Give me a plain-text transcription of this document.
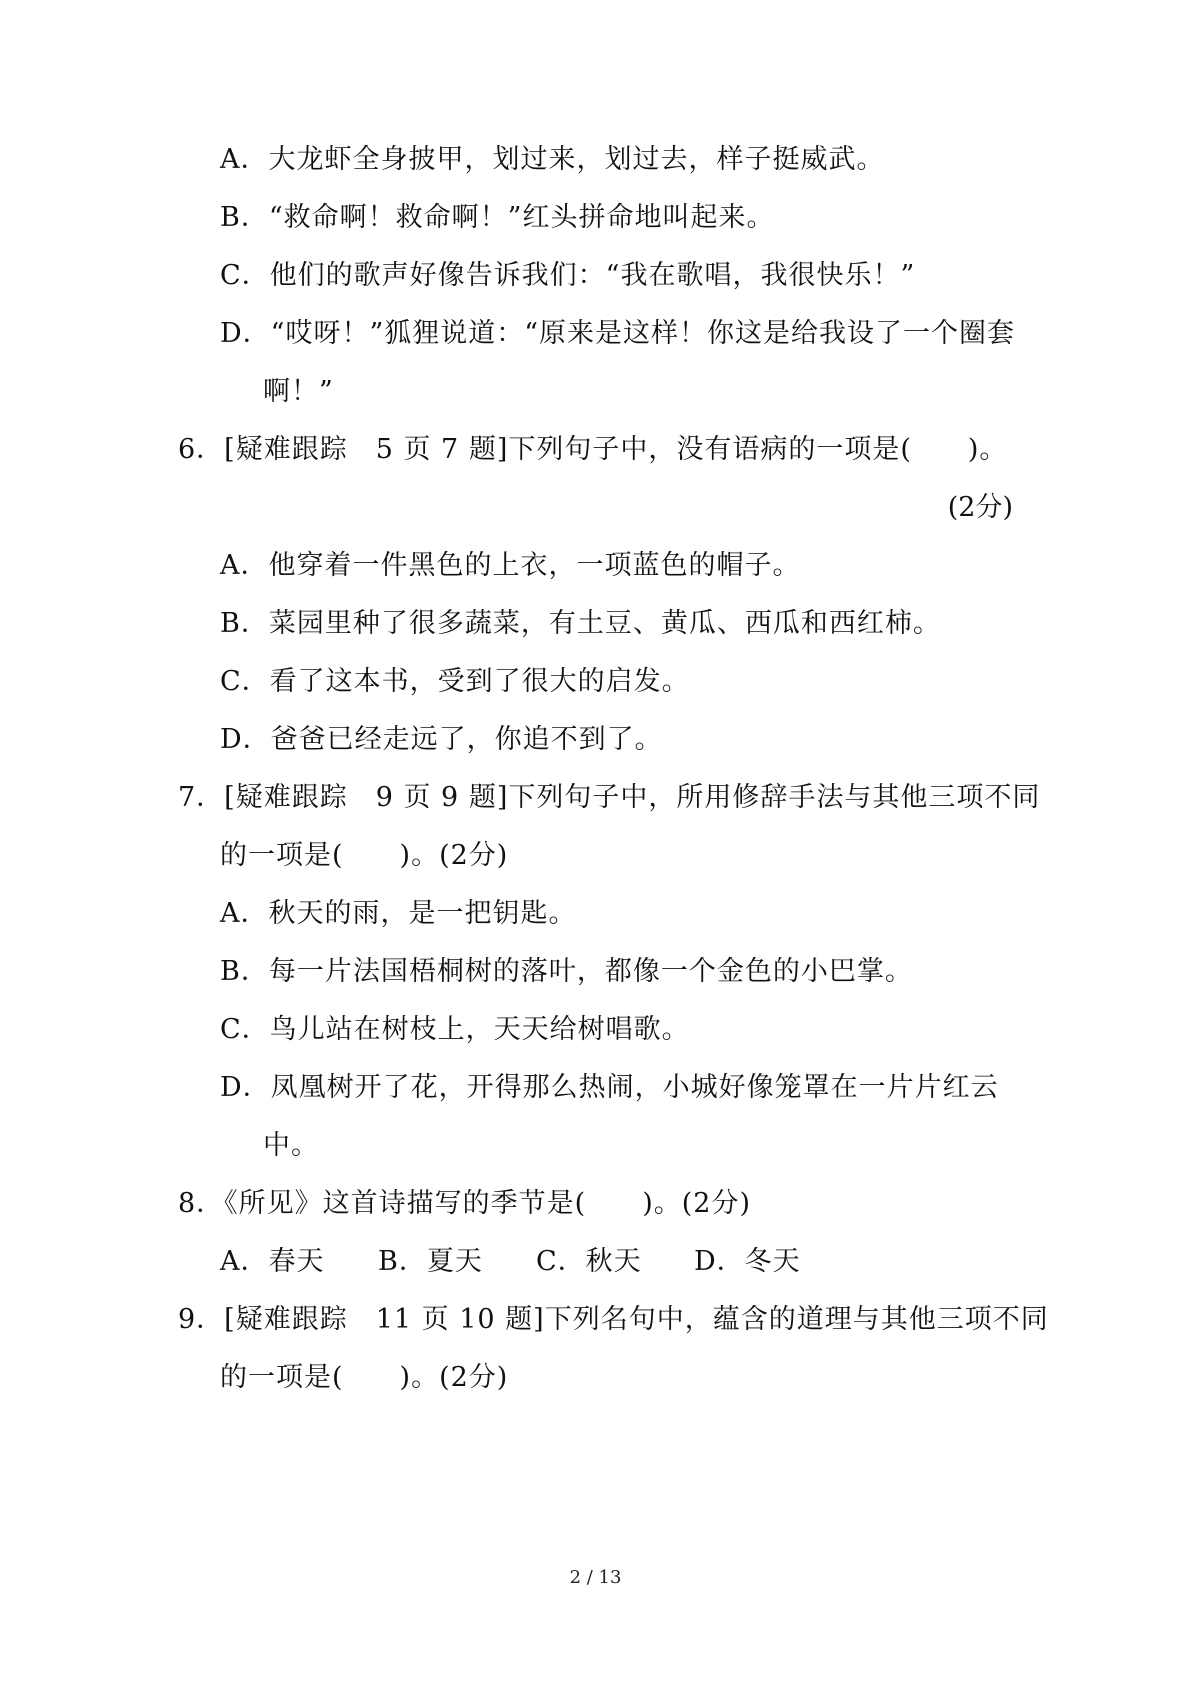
A．大龙虾全身披甲，划过来，划过去，样子挺威武。
B．“救命啊！救命啊！”红头拼命地叫起来。
C．他们的歌声好像告诉我们：“我在歌唱，我很快乐！”
D．“哎呀！”狐狸说道：“原来是这样！你这是给我设了一个圈套
啊！”
6．[疑难跟踪　5 页 7 题]下列句子中，没有语病的一项是(　　)。
(2分)
A．他穿着一件黑色的上衣，一项蓝色的帽子。
B．菜园里种了很多蔬菜，有土豆、黄瓜、西瓜和西红柿。
C．看了这本书，受到了很大的启发。
D．爸爸已经走远了，你追不到了。
7．[疑难跟踪　9 页 9 题]下列句子中，所用修辞手法与其他三项不同
的一项是(　　)。(2分)
A．秋天的雨，是一把钥匙。
B．每一片法国梧桐树的落叶，都像一个金色的小巴掌。
C．鸟儿站在树枝上，天天给树唱歌。
D．凤凰树开了花，开得那么热闹，小城好像笼罩在一片片红云
中。
8．《所见》这首诗描写的季节是(　　)。(2分)
A．春天 B．夏天 C．秋天 D．冬天
9．[疑难跟踪　11 页 10 题]下列名句中，蕴含的道理与其他三项不同
的一项是(　　)。(2分)
2 / 13
